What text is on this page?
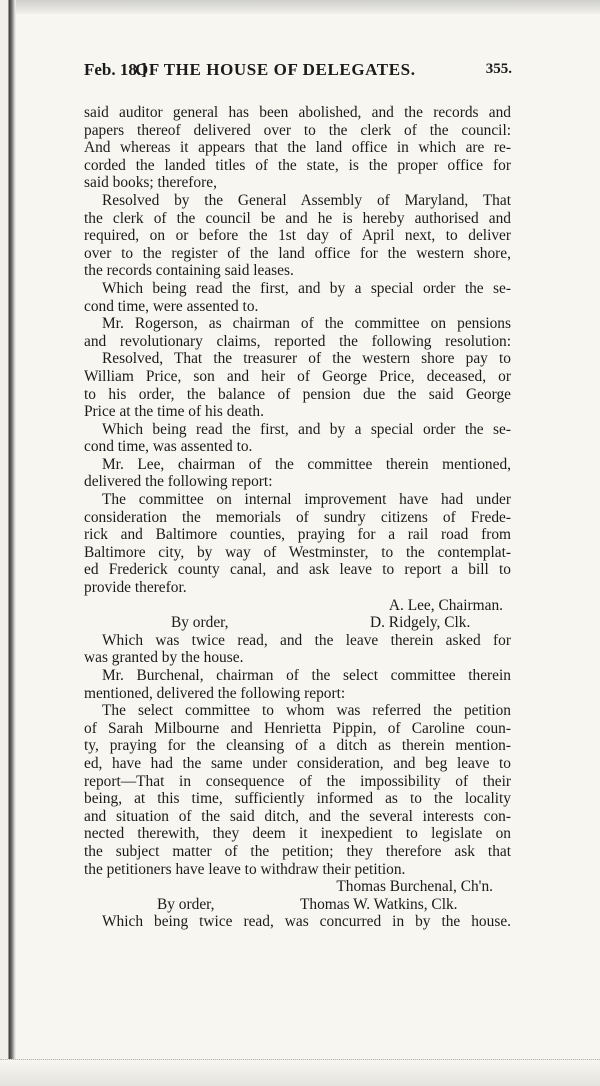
Feb. 18.]
OF THE HOUSE OF DELEGATES.	355.
said auditor general has been abolished, and the records and
papers thereof delivered over to the clerk of the council:
And whereas it appears that the land office in which are re-
corded the landed titles of the state, is the proper office for
said books; therefore,
Resolved by the General Assembly of Maryland, That
the clerk of the council be and he is hereby authorised and
required, on or before the 1st day of April next, to deliver
over to the register of the land office for the western shore,
the records containing said leases.
Which being read the first, and by a special order the se-
cond time, were assented to.
Mr. Rogerson, as chairman of the committee on pensions
and revolutionary claims, reported the following resolution:
Resolved, That the treasurer of the western shore pay to
William Price, son and heir of George Price, deceased, or
to his order, the balance of pension due the said George
Price at the time of his death.
Which being read the first, and by a special order the se-
cond time, was assented to.
Mr. Lee, chairman of the committee therein mentioned,
delivered the following report:
The committee on internal improvement have had under
consideration the memorials of sundry citizens of Frede-
rick and Baltimore counties, praying for a rail road from
Baltimore city, by way of Westminster, to the contemplat-
ed Frederick county canal, and ask leave to report a bill to
provide therefor.
A. Lee, Chairman.
By order,	D. Ridgely, Clk.
Which was twice read, and the leave therein asked for
was granted by the house.
Mr. Burchenal, chairman of the select committee therein
mentioned, delivered the following report:
The select committee to whom was referred the petition
of Sarah Milbourne and Henrietta Pippin, of Caroline coun-
ty, praying for the cleansing of a ditch as therein mention-
ed, have had the same under consideration, and beg leave to
report—That in consequence of the impossibility of their
being, at this time, sufficiently informed as to the locality
and situation of the said ditch, and the several interests con-
nected therewith, they deem it inexpedient to legislate on
the subject matter of the petition; they therefore ask that
the petitioners have leave to withdraw their petition.
Thomas Burchenal, Ch'n.
By order,	Thomas W. Watkins, Clk.
Which being twice read, was concurred in by the house.
